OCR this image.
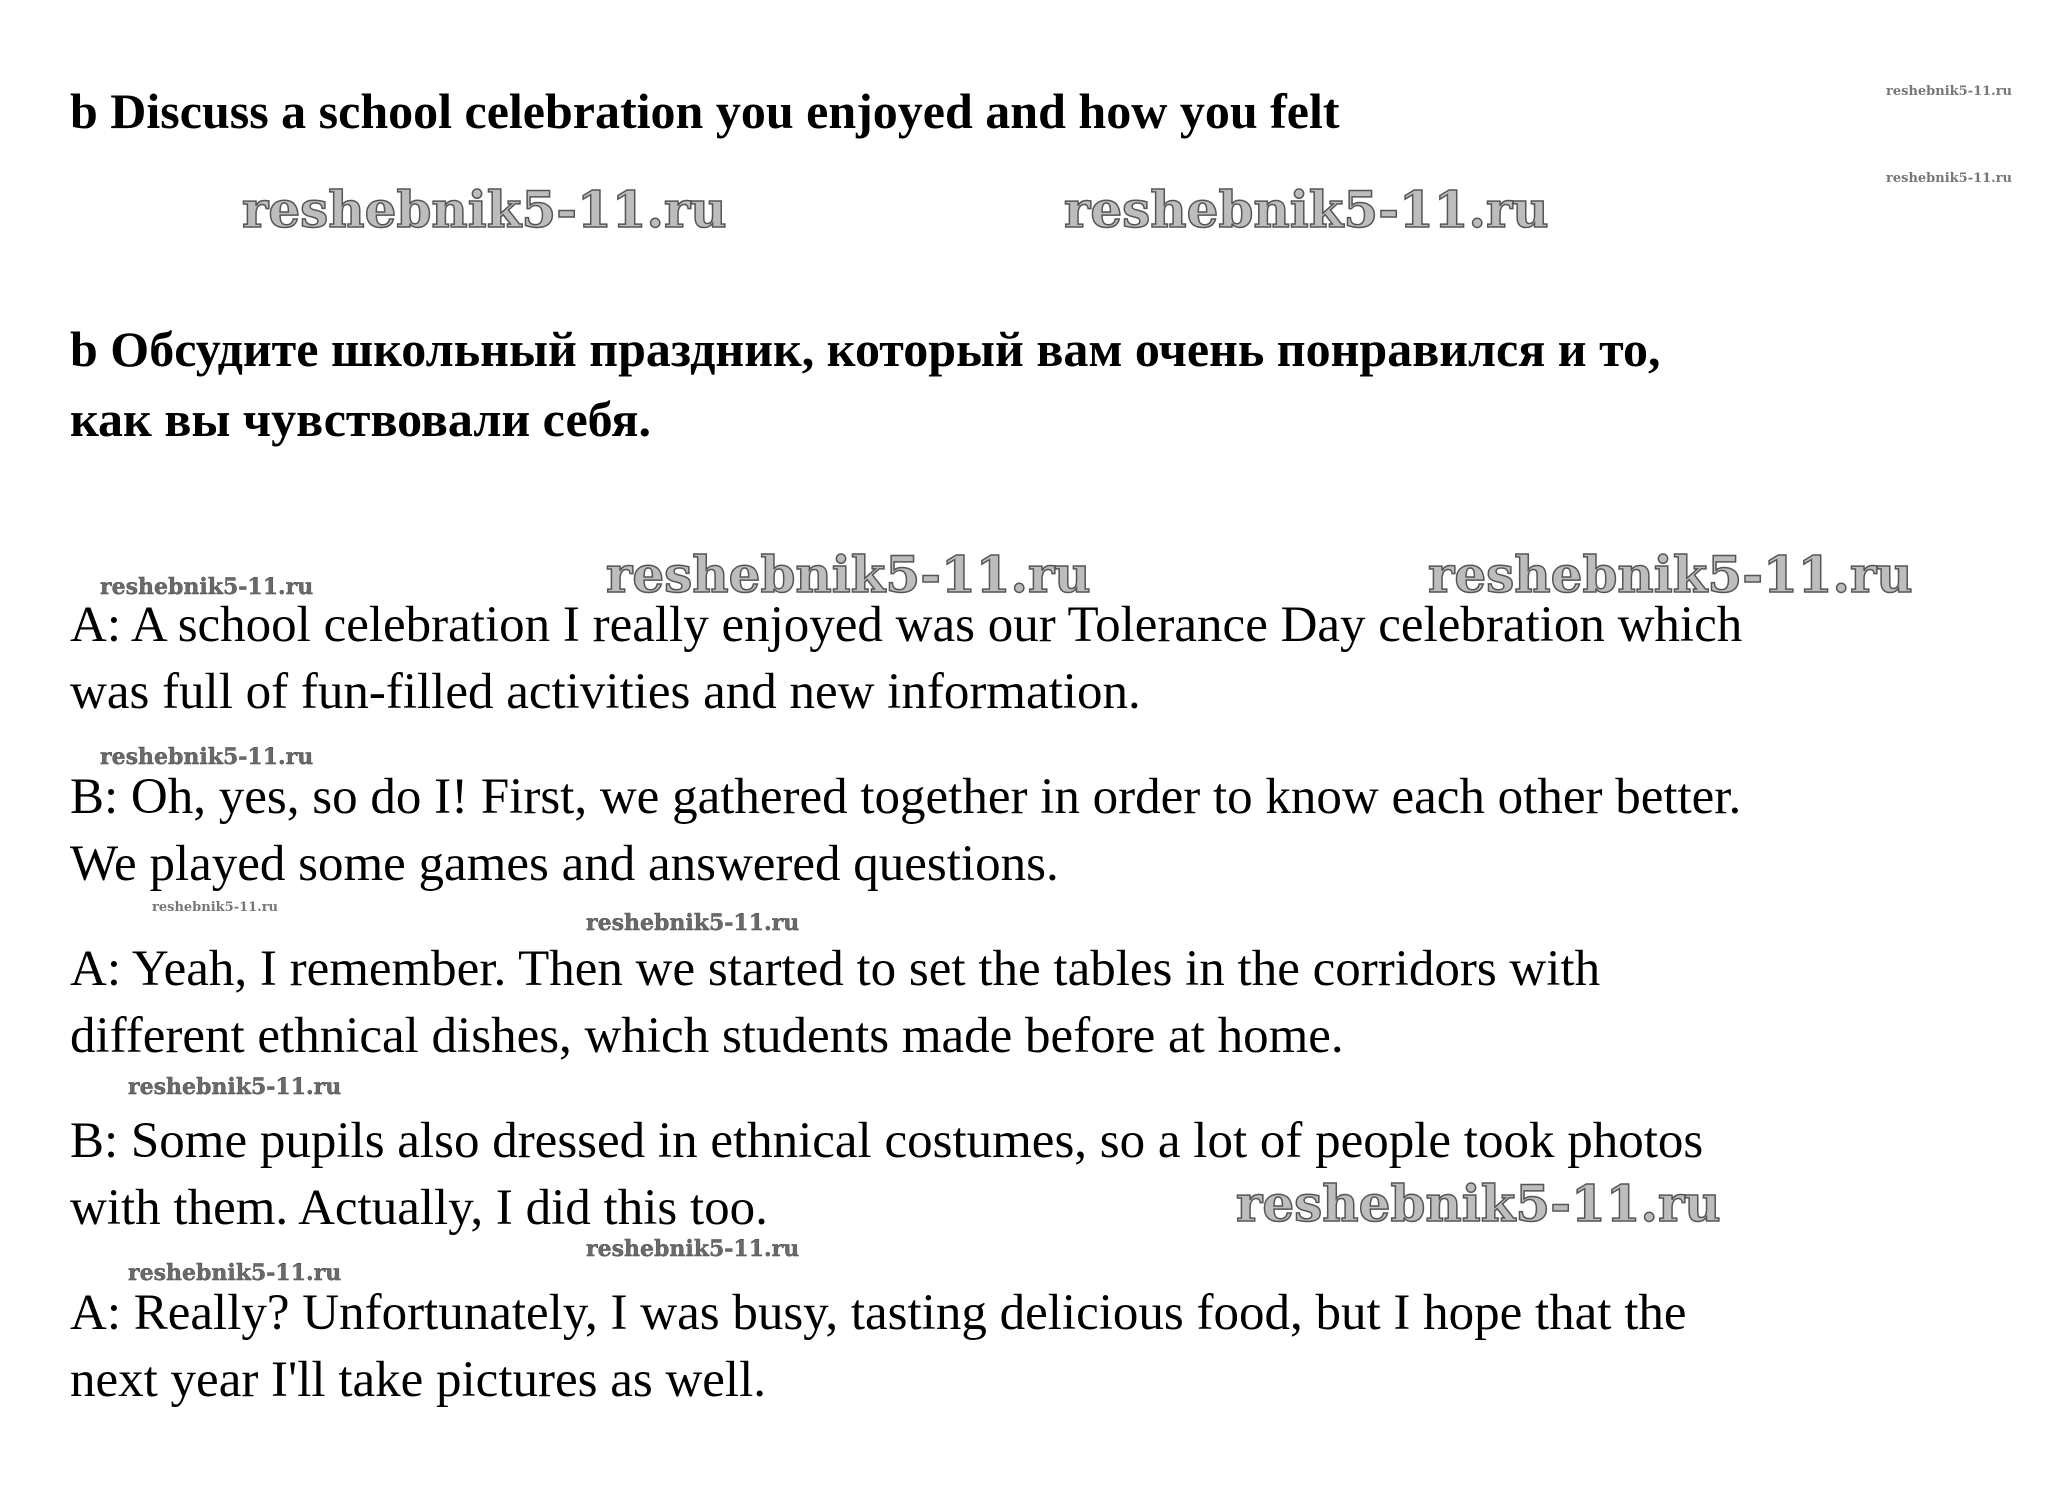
b Discuss a school celebration you enjoyed and how you felt

b Обсудите школьный праздник, который вам очень понравился и то,
как вы чувствовали себя.

A: A school celebration I really enjoyed was our Tolerance Day celebration which
was full of fun-filled activities and new information.

B: Oh, yes, so do I! First, we gathered together in order to know each other better.
We played some games and answered questions.

A: Yeah, I remember. Then we started to set the tables in the corridors with
different ethnical dishes, which students made before at home.

B: Some pupils also dressed in ethnical costumes, so a lot of people took photos
with them. Actually, I did this too.

A: Really? Unfortunately, I was busy, tasting delicious food, but I hope that the
next year I'll take pictures as well.

reshebnik5-11.ru
reshebnik5-11.ru
reshebnik5-11.ru	reshebnik5-11.ru
reshebnik5-11.ru	reshebnik5-11.ru	reshebnik5-11.ru
reshebnik5-11.ru
reshebnik5-11.ru
reshebnik5-11.ru
reshebnik5-11.ru
reshebnik5-11.ru
reshebnik5-11.ru
reshebnik5-11.ru
